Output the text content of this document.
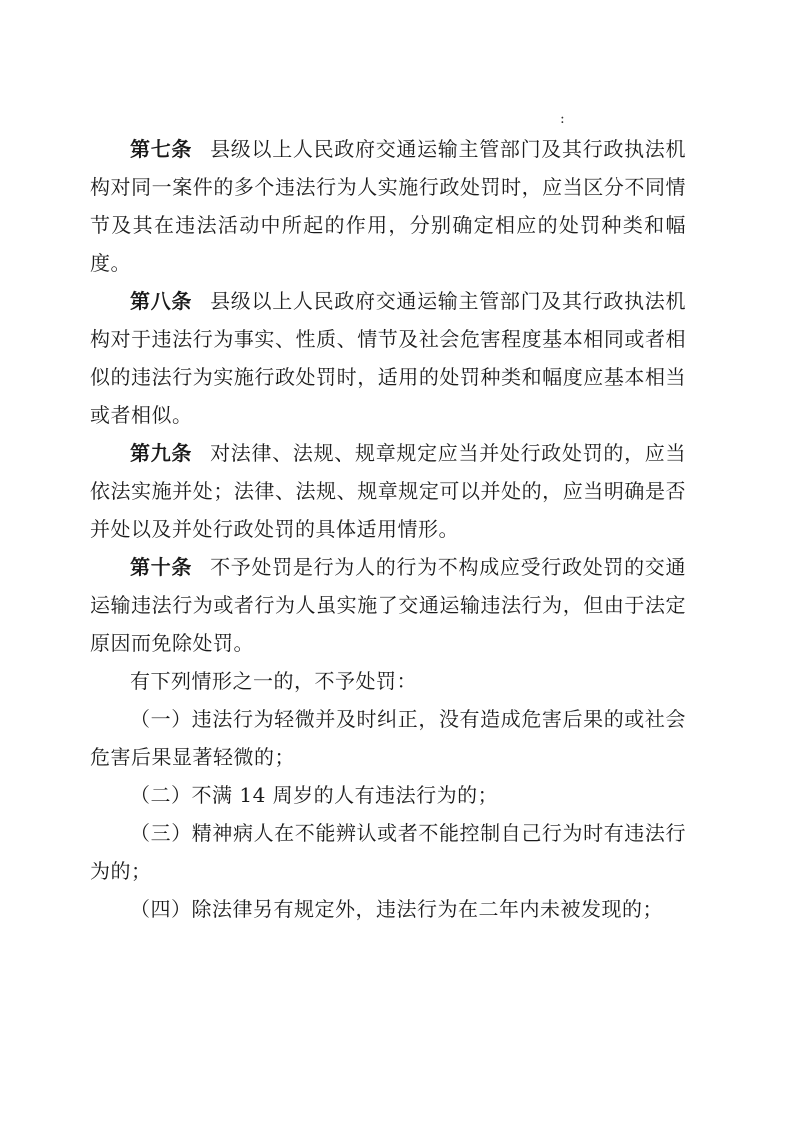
:

第七条 县级以上人民政府交通运输主管部门及其行政执法机构对同一案件的多个违法行为人实施行政处罚时，应当区分不同情节及其在违法活动中所起的作用，分别确定相应的处罚种类和幅度。

第八条 县级以上人民政府交通运输主管部门及其行政执法机构对于违法行为事实、性质、情节及社会危害程度基本相同或者相似的违法行为实施行政处罚时，适用的处罚种类和幅度应基本相当或者相似。

第九条 对法律、法规、规章规定应当并处行政处罚的，应当依法实施并处；法律、法规、规章规定可以并处的，应当明确是否并处以及并处行政处罚的具体适用情形。

第十条 不予处罚是行为人的行为不构成应受行政处罚的交通运输违法行为或者行为人虽实施了交通运输违法行为，但由于法定原因而免除处罚。

有下列情形之一的，不予处罚：

（一）违法行为轻微并及时纠正，没有造成危害后果的或社会危害后果显著轻微的；

（二）不满 14 周岁的人有违法行为的；

（三）精神病人在不能辨认或者不能控制自己行为时有违法行为的；

（四）除法律另有规定外，违法行为在二年内未被发现的；
